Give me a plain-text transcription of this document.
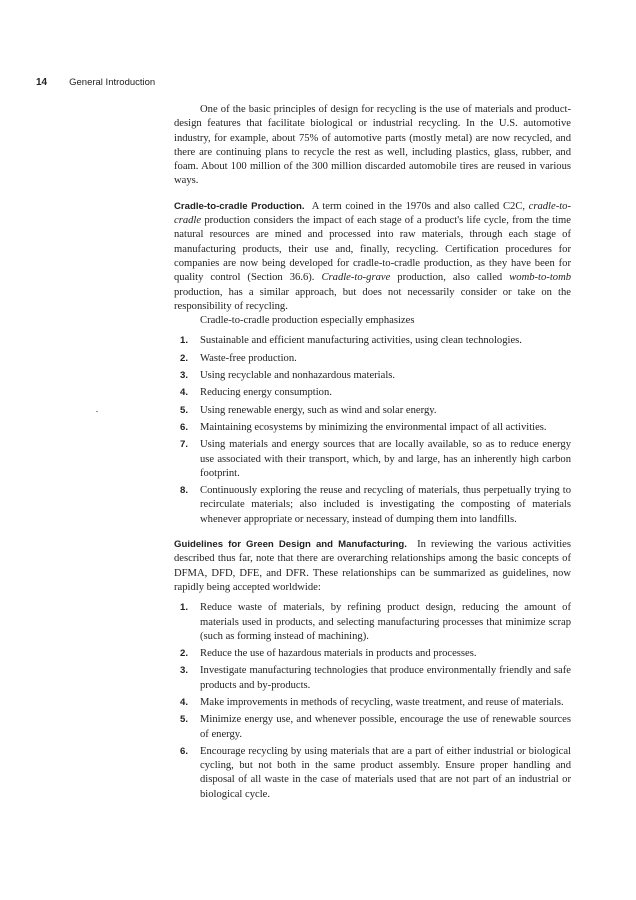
14 General Introduction

One of the basic principles of design for recycling is the use of materials and product-design features that facilitate biological or industrial recycling. In the U.S. automotive industry, for example, about 75% of automotive parts (mostly metal) are now recycled, and there are continuing plans to recycle the rest as well, including plastics, glass, rubber, and foam. About 100 million of the 300 million discarded automobile tires are reused in various ways.

Cradle-to-cradle Production. A term coined in the 1970s and also called C2C, cradle-to-cradle production considers the impact of each stage of a product's life cycle, from the time natural resources are mined and processed into raw materials, through each stage of manufacturing products, their use and, finally, recycling. Certification procedures for companies are now being developed for cradle-to-cradle production, as they have been for quality control (Section 36.6). Cradle-to-grave production, also called womb-to-tomb production, has a similar approach, but does not necessarily consider or take on the responsibility of recycling.

Cradle-to-cradle production especially emphasizes

1.	Sustainable and efficient manufacturing activities, using clean technologies.
2.	Waste-free production.
3.	Using recyclable and nonhazardous materials.
4.	Reducing energy consumption.
5.	Using renewable energy, such as wind and solar energy.
6.	Maintaining ecosystems by minimizing the environmental impact of all activities.
7.	Using materials and energy sources that are locally available, so as to reduce energy use associated with their transport, which, by and large, has an inherently high carbon footprint.
8.	Continuously exploring the reuse and recycling of materials, thus perpetually trying to recirculate materials; also included is investigating the composting of materials whenever appropriate or necessary, instead of dumping them into landfills.

Guidelines for Green Design and Manufacturing. In reviewing the various activities described thus far, note that there are overarching relationships among the basic concepts of DFMA, DFD, DFE, and DFR. These relationships can be summarized as guidelines, now rapidly being accepted worldwide:

1.	Reduce waste of materials, by refining product design, reducing the amount of materials used in products, and selecting manufacturing processes that minimize scrap (such as forming instead of machining).
2.	Reduce the use of hazardous materials in products and processes.
3.	Investigate manufacturing technologies that produce environmentally friendly and safe products and by-products.
4.	Make improvements in methods of recycling, waste treatment, and reuse of materials.
5.	Minimize energy use, and whenever possible, encourage the use of renewable sources of energy.
6.	Encourage recycling by using materials that are a part of either industrial or biological cycling, but not both in the same product assembly. Ensure proper handling and disposal of all waste in the case of materials used that are not part of an industrial or biological cycle.
